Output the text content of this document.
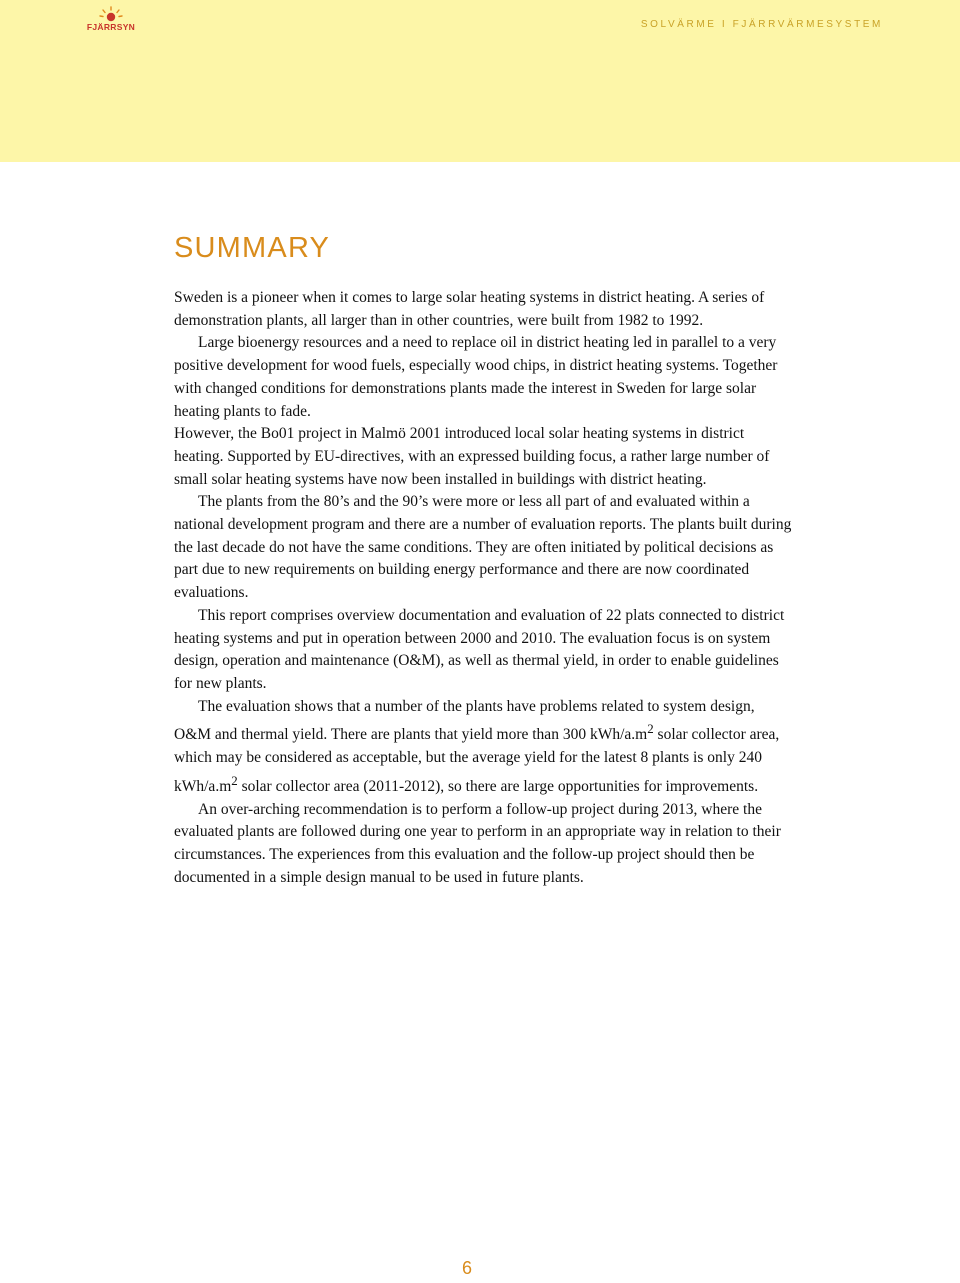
FJÄRRSYN	SOLVÄRME I FJÄRRVÄRMESYSTEM
SUMMARY

Sweden is a pioneer when it comes to large solar heating systems in district heating. A series of demonstration plants, all larger than in other countries, were built from 1982 to 1992.

Large bioenergy resources and a need to replace oil in district heating led in parallel to a very positive development for wood fuels, especially wood chips, in district heating systems. Together with changed conditions for demonstrations plants made the interest in Sweden for large solar heating plants to fade.

However, the Bo01 project in Malmö 2001 introduced local solar heating systems in district heating. Supported by EU-directives, with an expressed building focus, a rather large number of small solar heating systems have now been installed in buildings with district heating.

The plants from the 80’s and the 90’s were more or less all part of and evaluated within a national development program and there are a number of evaluation reports. The plants built during the last decade do not have the same conditions. They are often initiated by political decisions as part due to new requirements on building energy performance and there are now coordinated evaluations.

This report comprises overview documentation and evaluation of 22 plats connected to district heating systems and put in operation between 2000 and 2010. The evaluation focus is on system design, operation and maintenance (O&M), as well as thermal yield, in order to enable guidelines for new plants.

The evaluation shows that a number of the plants have problems related to system design, O&M and thermal yield. There are plants that yield more than 300 kWh/$a.m^2$ solar collector area, which may be considered as acceptable, but the average yield for the latest 8 plants is only 240 kWh/$a.m^2$ solar collector area (2011-2012), so there are large opportunities for improvements.

An over-arching recommendation is to perform a follow-up project during 2013, where the evaluated plants are followed during one year to perform in an appropriate way in relation to their circumstances. The experiences from this evaluation and the follow-up project should then be documented in a simple design manual to be used in future plants.

6
